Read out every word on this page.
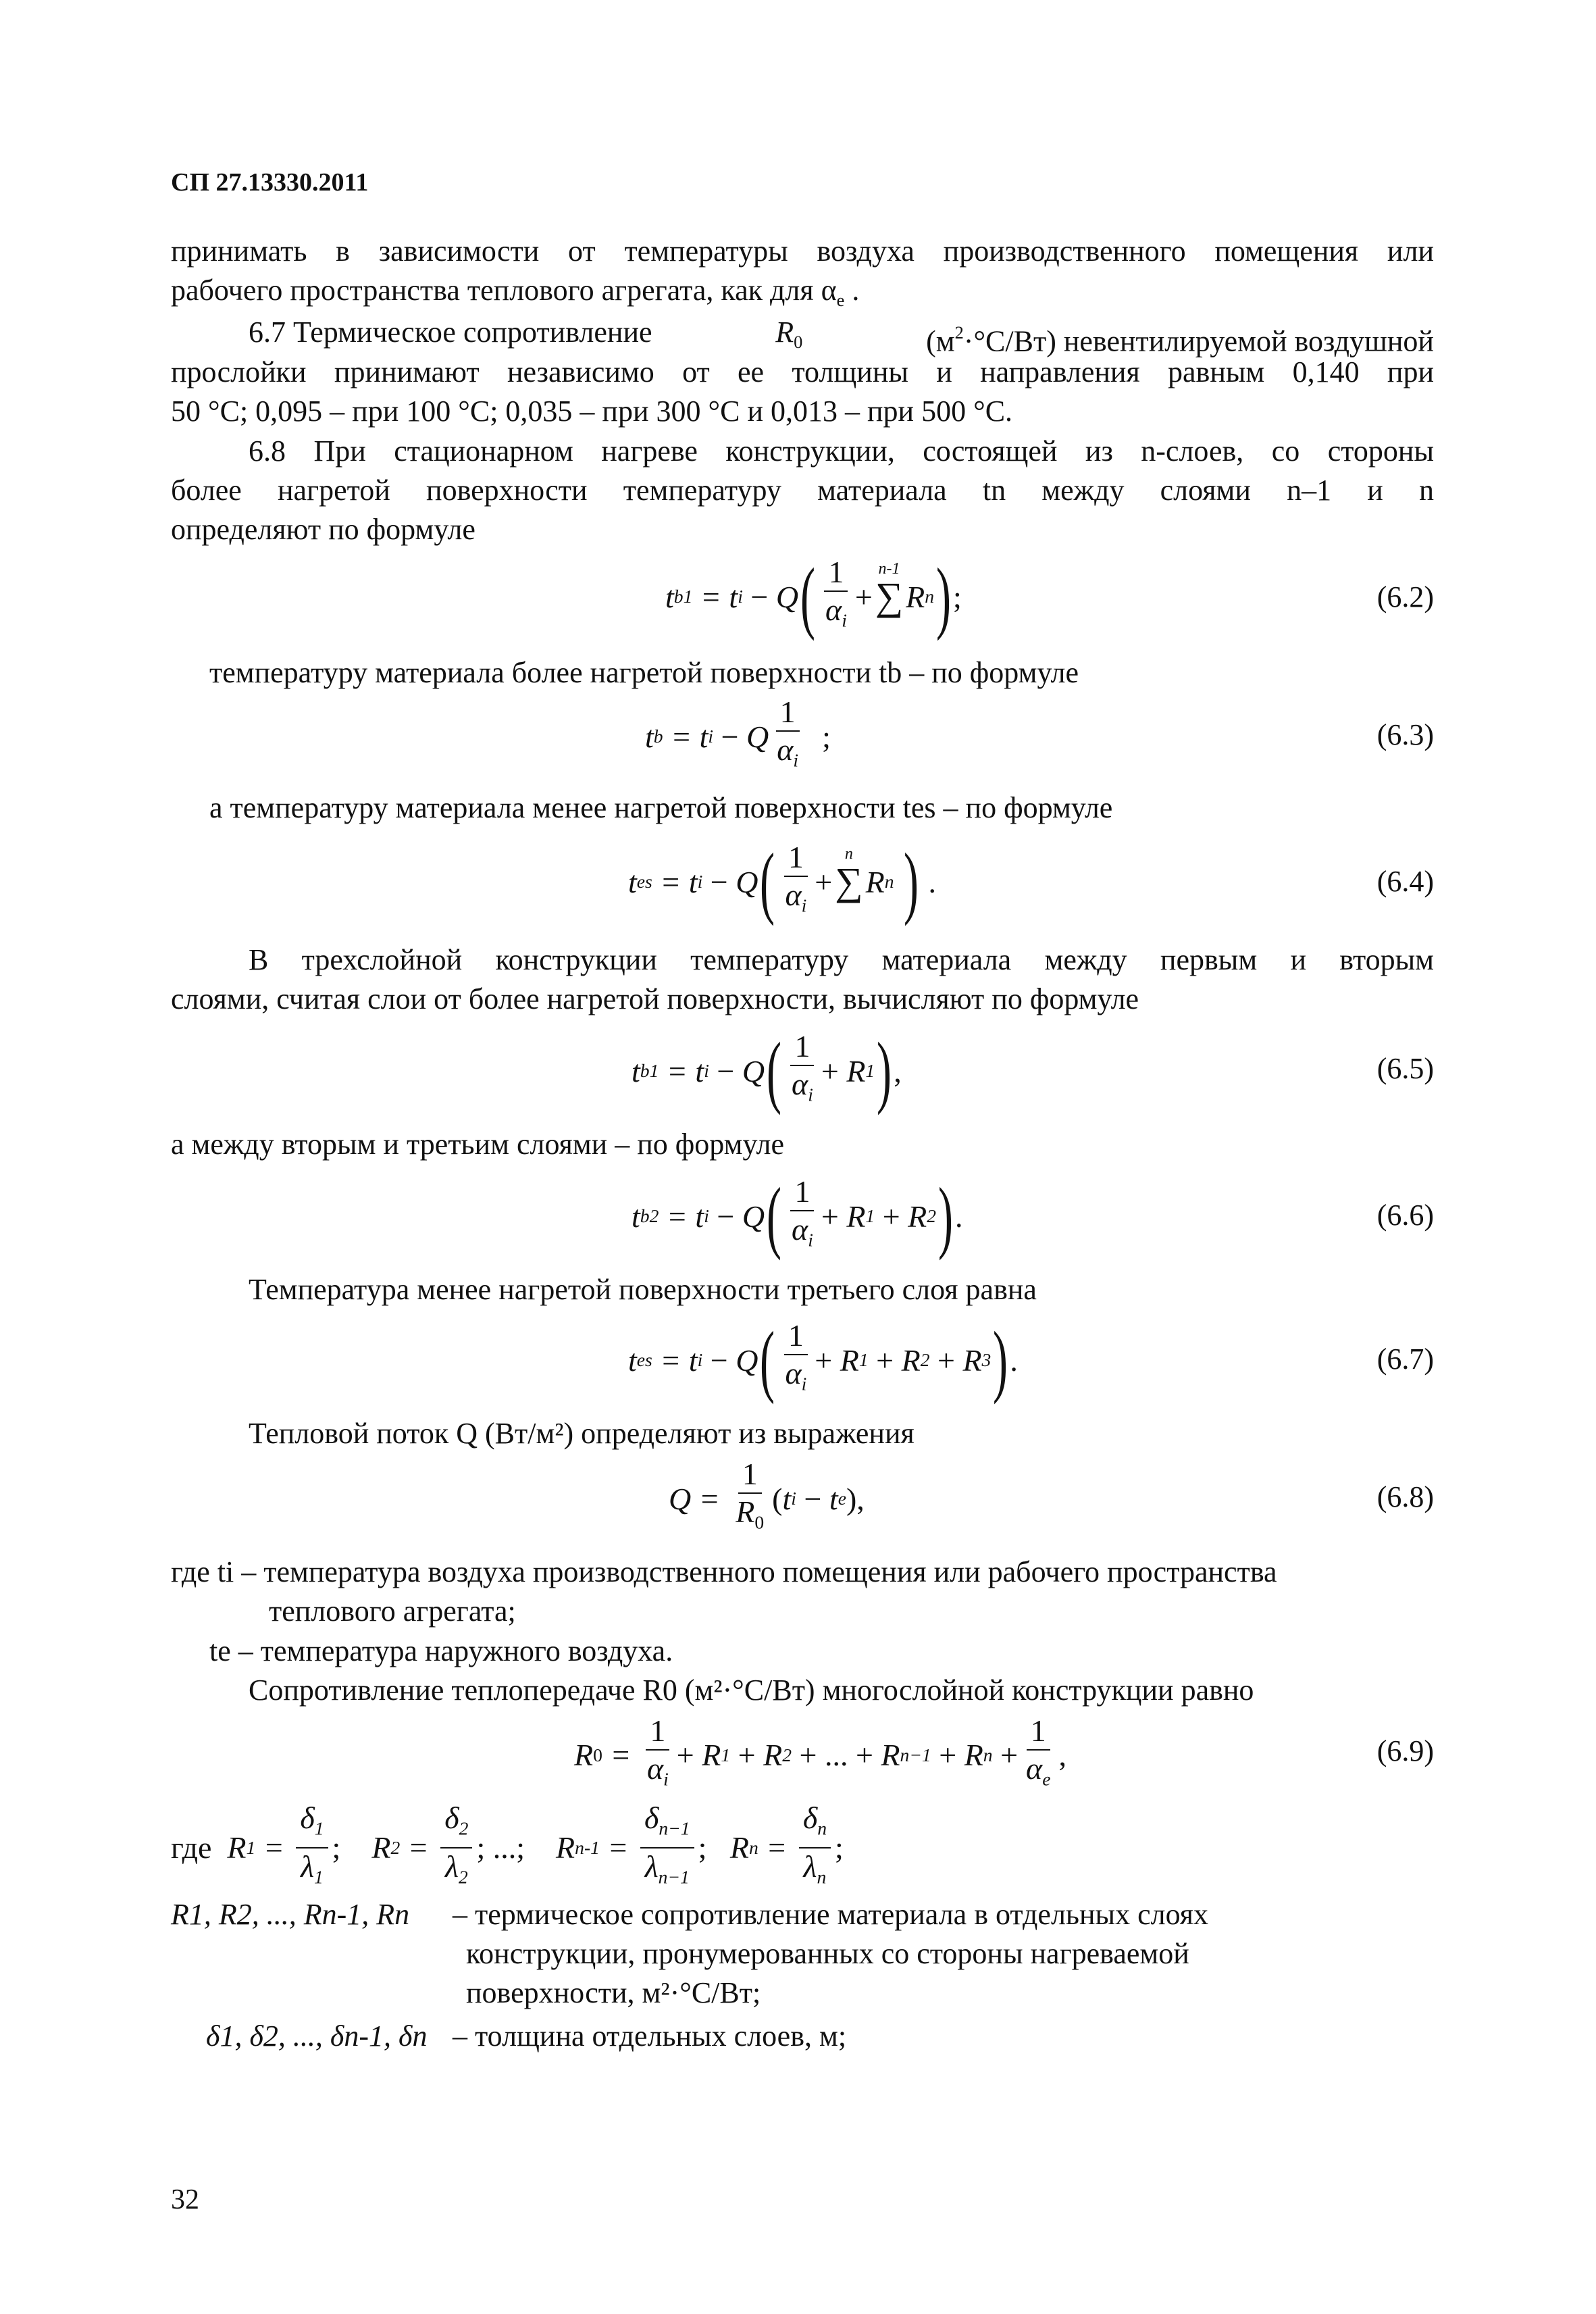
СП 27.13330.2011
принимать в зависимости от температуры воздуха производственного помещения или
рабочего пространства теплового агрегата, как для $\alpha_e$ .
6.7 Термическое сопротивление	$R_0$	$(м^2\cdot^\circ С/Вт)$ невентилируемой воздушной
прослойки принимают независимо от ее толщины и направления равным 0,140 при
50 °С; 0,095 – при 100 °С; 0,035 – при 300 °С и 0,013 – при 500 °С.
6.8 При стационарном нагреве конструкции, состоящей из n-слоев, со стороны
более нагретой поверхности температуру материала tn между слоями n–1 и n
определяют по формуле
t b1 = t i
− Q ( $\frac{1}{\alpha_i}$ +
n-1
∑
R n ) ;	(6.2)
температуру материала более нагретой поверхности tb – по формуле
t b = t i
− Q $\frac{1}{\alpha_i}$
;	(6.3)
а температуру материала менее нагретой поверхности tes – по формуле
t es = t i
− Q ( $\frac{1}{\alpha_i}$ +
n
∑
R n
)
.	(6.4)
В трехслойной конструкции температуру материала между первым и вторым
слоями, считая слои от более нагретой поверхности, вычисляют по формуле
t b1 = t i
− Q ( $\frac{1}{\alpha_i} + R$ 1 ) ,	(6.5)
а между вторым и третьим слоями – по формуле
t b2 = t i
− Q ( $\frac{1}{\alpha_i} + R$ 1
+ R 2 ) .	(6.6)
Температура менее нагретой поверхности третьего слоя равна
t es = t i
− Q ( $\frac{1}{\alpha_i} + R$ 1
+ R 2
+ R 3 ) .	(6.7)
Тепловой поток Q (Вт/м²) определяют из выражения
$Q = \frac{1}{R_0}$ ( t i
− t e ),	(6.8)
где ti – температура воздуха производственного помещения или рабочего пространства
теплового агрегата;
te – температура наружного воздуха.
Сопротивление теплопередаче R0 (м²·°С/Вт) многослойной конструкции равно
R $0 = \frac{1}{\alpha_i} + R$ 1
+ R 2
+
...
+ R n−1
+ R n
+ $\frac{1}{\alpha_e}$ ,	(6.9)
где R $1 = \frac{\delta_1}{\lambda_1}$ ; R $2 = \frac{\delta_2}{\lambda_2}$ ; ...; R $n-1 = \frac{\delta_{n-1}}{\lambda_{n-1}}$ ; R $n = \frac{\delta_n}{\lambda_n}$ ;
R1, R2, ..., Rn-1, Rn – термическое сопротивление материала в отдельных слоях
конструкции, пронумерованных со стороны нагреваемой
поверхности, м²·°С/Вт;
δ1, δ2, ..., δn-1, δn – толщина отдельных слоев, м;
32
